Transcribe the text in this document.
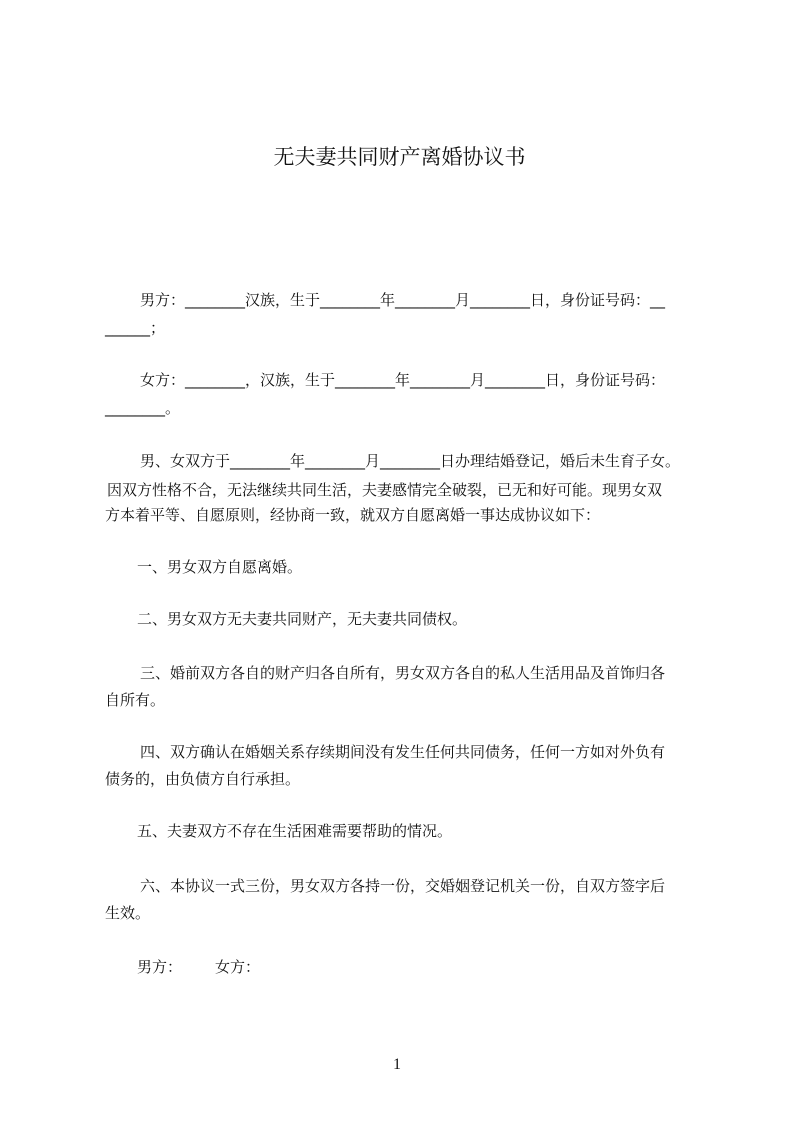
无夫妻共同财产离婚协议书
男方：________汉族，生于________年________月________日，身份证号码：__
______；
女方：________，汉族，生于________年________月________日，身份证号码：
________。
男、女双方于________年________月________日办理结婚登记，婚后未生育子女。
因双方性格不合，无法继续共同生活，夫妻感情完全破裂，已无和好可能。现男女双
方本着平等、自愿原则，经协商一致，就双方自愿离婚一事达成协议如下：
一、男女双方自愿离婚。
二、男女双方无夫妻共同财产，无夫妻共同债权。
三、婚前双方各自的财产归各自所有，男女双方各自的私人生活用品及首饰归各
自所有。
四、双方确认在婚姻关系存续期间没有发生任何共同债务，任何一方如对外负有
债务的，由负债方自行承担。
五、夫妻双方不存在生活困难需要帮助的情况。
六、本协议一式三份，男女双方各持一份，交婚姻登记机关一份，自双方签字后
生效。
男方： 女方：
1
